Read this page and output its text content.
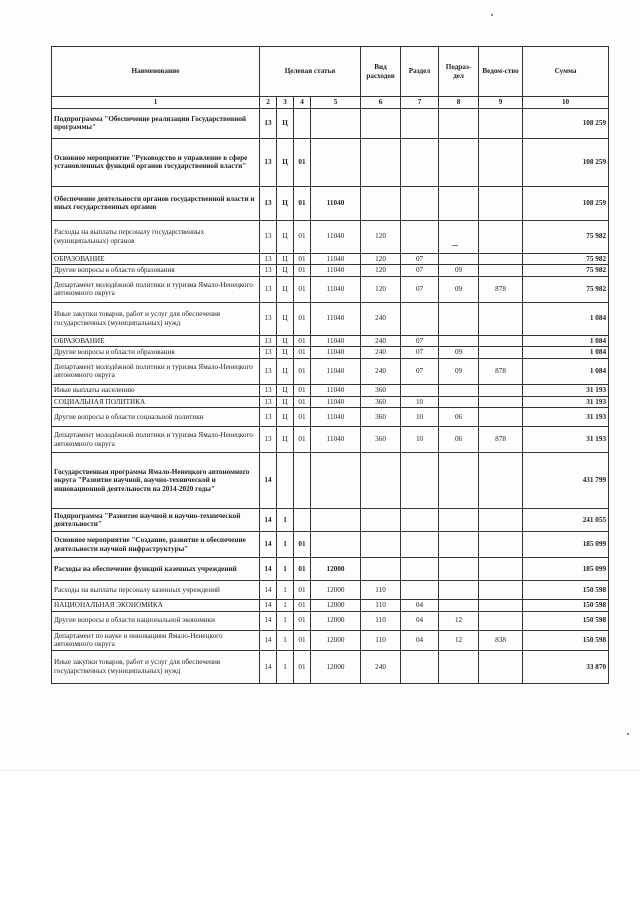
Наименование	Целевая статья				Вид расходов	Раздел	Подраз-дел	Ведом-ство	Сумма
1	2	3	4	5	6	7	8	9	10
Подпрограмма "Обеспечение реализации Государственной программы"	13	Ц							108 259
Основное мероприятие "Руководство и управление в сфере установленных функций органов государственной власти"	13	Ц	01						108 259
Обеспечение деятельности органов государственной власти и иных государственных органов	13	Ц	01	11040					108 259
Расходы на выплаты персоналу государственных (муниципальных) органов	13	Ц	01	11040	120				75 982
ОБРАЗОВАНИЕ	13	Ц	01	11040	120	07			75 982
Другие вопросы в области образования	13	Ц	01	11040	120	07	09		75 982
Департамент молодёжной политики и туризма Ямало-Ненецкого автономного округа	13	Ц	01	11040	120	07	09	878	75 982
Иные закупки товаров, работ и услуг для обеспечения государственных (муниципальных) нужд	13	Ц	01	11040	240				1 084
ОБРАЗОВАНИЕ	13	Ц	01	11040	240	07			1 084
Другие вопросы в области образования	13	Ц	01	11040	240	07	09		1 084
Департамент молодёжной политики и туризма Ямало-Ненецкого автономного округа	13	Ц	01	11040	240	07	09	878	1 084
Иные выплаты населению	13	Ц	01	11040	360				31 193
СОЦИАЛЬНАЯ ПОЛИТИКА	13	Ц	01	11040	360	10			31 193
Другие вопросы в области социальной политики	13	Ц	01	11040	360	10	06		31 193
Департамент молодёжной политики и туризма Ямало-Ненецкого автономного округа	13	Ц	01	11040	360	10	06	878	31 193
Государственная программа Ямало-Ненецкого автономного округа "Развитие научной, научно-технической и инновационной деятельности на 2014-2020 годы"	14								431 799
Подпрограмма "Развитие научной и научно-технической деятельности"	14	1							241 055
Основное мероприятие "Создание, развитие и обеспечение деятельности научной инфраструктуры"	14	1	01						185 099
Расходы на обеспечение функций казенных учреждений	14	1	01	12000					185 099
Расходы на выплаты персоналу казенных учреждений	14	1	01	12000	110				150 598
НАЦИОНАЛЬНАЯ ЭКОНОМИКА	14	1	01	12000	110	04			150 598
Другие вопросы в области национальной экономики	14	1	01	12000	110	04	12		150 598
Департамент по науке и инновациям Ямало-Ненецкого автономного округа	14	1	01	12000	110	04	12	838	150 598
Иные закупки товаров, работ и услуг для обеспечения государственных (муниципальных) нужд	14	1	01	12000	240				33 870
